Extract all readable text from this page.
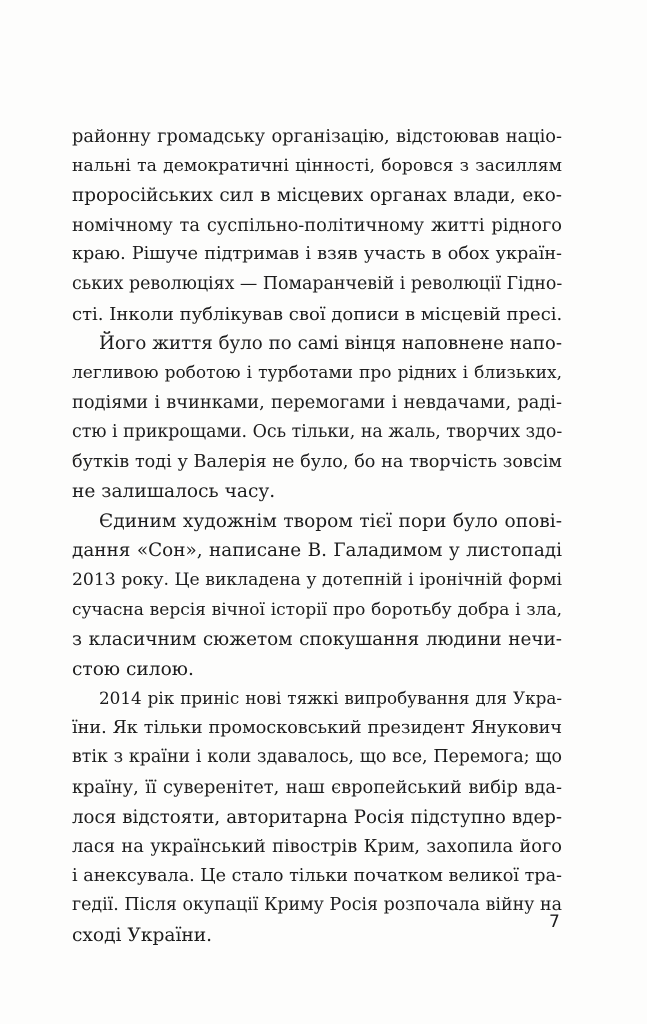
районну громадську організацію, відстоював націо-
нальні та демократичні цінності, боровся з засиллям
проросійських сил в місцевих органах влади, еко-
номічному та суспільно-політичному житті рідного
краю. Рішуче підтримав і взяв участь в обох україн-
ських революціях — Помаранчевій і революції Гідно-
сті. Інколи публікував свої дописи в місцевій пресі.
Його життя було по самі вінця наповнене напо-
легливою роботою і турботами про рідних і близьких,
подіями і вчинками, перемогами і невдачами, раді-
стю і прикрощами. Ось тільки, на жаль, творчих здо-
бутків тоді у Валерія не було, бо на творчість зовсім
не залишалось часу.
Єдиним художнім твором тієї пори було опові-
дання «Сон», написане В. Галадимом у листопаді
2013 року. Це викладена у дотепній і іронічній формі
сучасна версія вічної історії про боротьбу добра і зла,
з класичним сюжетом спокушання людини нечи-
стою силою.
2014 рік приніс нові тяжкі випробування для Укра-
їни. Як тільки промосковський президент Янукович
втік з країни і коли здавалось, що все, Перемога; що
країну, її суверенітет, наш європейський вибір вда-
лося відстояти, авторитарна Росія підступно вдер-
лася на український півострів Крим, захопила його
і анексувала. Це стало тільки початком великої тра-
гедії. Після окупації Криму Росія розпочала війну на
сході України.
7
